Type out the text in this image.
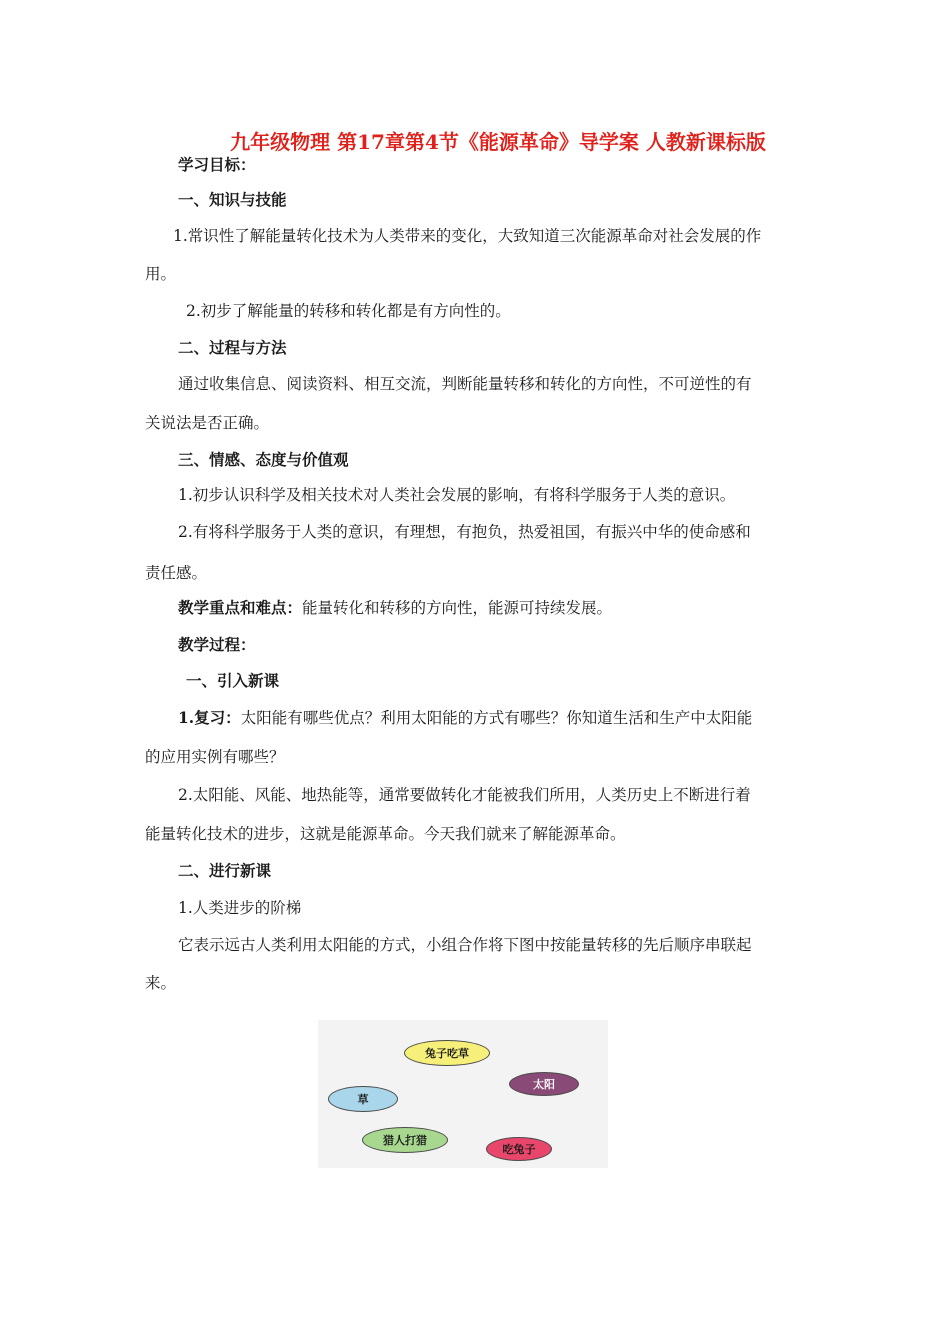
九年级物理 第17章第4节《能源革命》导学案 人教新课标版
学习目标：
一、知识与技能
1.常识性了解能量转化技术为人类带来的变化，大致知道三次能源革命对社会发展的作
用。
2.初步了解能量的转移和转化都是有方向性的。
二、过程与方法
通过收集信息、阅读资料、相互交流，判断能量转移和转化的方向性，不可逆性的有
关说法是否正确。
三、情感、态度与价值观
1.初步认识科学及相关技术对人类社会发展的影响，有将科学服务于人类的意识。
2.有将科学服务于人类的意识，有理想，有抱负，热爱祖国，有振兴中华的使命感和
责任感。
教学重点和难点：能量转化和转移的方向性，能源可持续发展。
教学过程：
一、引入新课
1.复习：太阳能有哪些优点？利用太阳能的方式有哪些？你知道生活和生产中太阳能
的应用实例有哪些？
2.太阳能、风能、地热能等，通常要做转化才能被我们所用，人类历史上不断进行着
能量转化技术的进步，这就是能源革命。今天我们就来了解能源革命。
二、进行新课
1.人类进步的阶梯
它表示远古人类利用太阳能的方式，小组合作将下图中按能量转移的先后顺序串联起
来。
兔子吃草
太阳
草
猎人打猎
吃兔子
